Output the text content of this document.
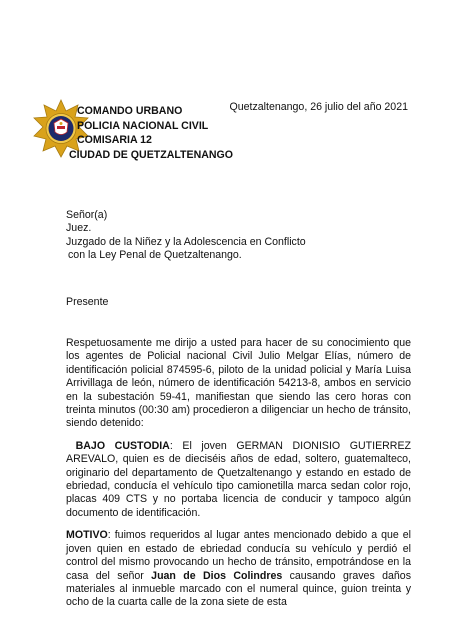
Quetzaltenango, 26 julio del año 2021
COMANDO URBANO
POLICIA NACIONAL CIVIL
COMISARIA 12
CIUDAD DE QUETZALTENANGO
Señor(a)
Juez.
Juzgado de la Niñez y la Adolescencia en Conflicto
con la Ley Penal de Quetzaltenango.
Presente

Respetuosamente me dirijo a usted para hacer de su conocimiento que los agentes de Policial nacional Civil Julio Melgar Elías, número de identificación policial 874595-6, piloto de la unidad policial y María Luisa Arrivillaga de león, número de identificación 54213-8, ambos en servicio en la subestación 59-41, manifiestan que siendo las cero horas con treinta minutos (00:30 am) procedieron a diligenciar un hecho de tránsito, siendo detenido:

BAJO CUSTODIA: El joven GERMAN DIONISIO GUTIERREZ AREVALO, quien es de dieciséis años de edad, soltero, guatemalteco, originario del departamento de Quetzaltenango y estando en estado de ebriedad, conducía el vehículo tipo camionetilla marca sedan color rojo, placas 409 CTS y no portaba licencia de conducir y tampoco algún documento de identificación.

MOTIVO: fuimos requeridos al lugar antes mencionado debido a que el joven quien en estado de ebriedad conducía su vehículo y perdió el control del mismo provocando un hecho de tránsito, empotrándose en la casa del señor Juan de Dios Colindres causando graves daños materiales al inmueble marcado con el numeral quince, guion treinta y ocho de la cuarta calle de la zona siete de esta
